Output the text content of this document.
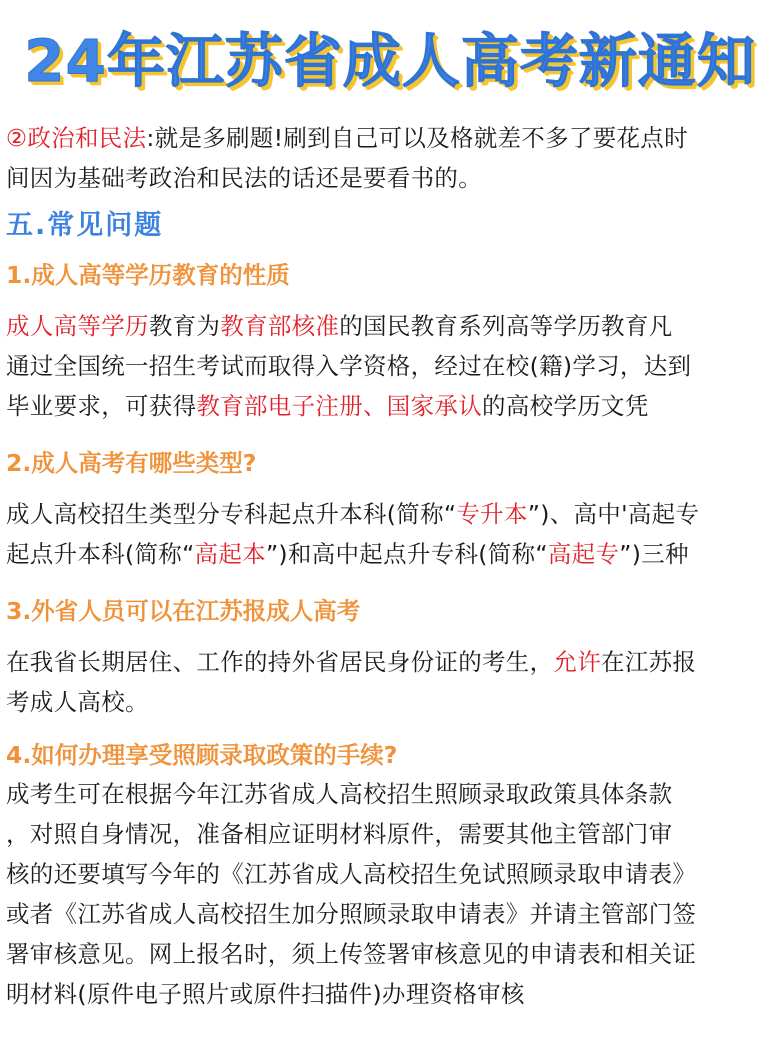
24年江苏省成人高考新通知

②政治和民法:就是多刷题!刷到自己可以及格就差不多了要花点时
间因为基础考政治和民法的话还是要看书的。

五.常见问题
1.成人高等学历教育的性质

成人高等学历教育为教育部核准的国民教育系列高等学历教育凡
通过全国统一招生考试而取得入学资格，经过在校(籍)学习，达到
毕业要求，可获得教育部电子注册、国家承认的高校学历文凭

2.成人高考有哪些类型?

成人高校招生类型分专科起点升本科(简称“专升本”)、高中'高起专
起点升本科(简称“高起本”)和高中起点升专科(简称“高起专”)三种

3.外省人员可以在江苏报成人高考

在我省长期居住、工作的持外省居民身份证的考生，允许在江苏报
考成人高校。

4.如何办理享受照顾录取政策的手续?

成考生可在根据今年江苏省成人高校招生照顾录取政策具体条款
，对照自身情况，准备相应证明材料原件，需要其他主管部门审
核的还要填写今年的《江苏省成人高校招生免试照顾录取申请表》
或者《江苏省成人高校招生加分照顾录取申请表》并请主管部门签
署审核意见。网上报名时，须上传签署审核意见的申请表和相关证
明材料(原件电子照片或原件扫描件)办理资格审核
